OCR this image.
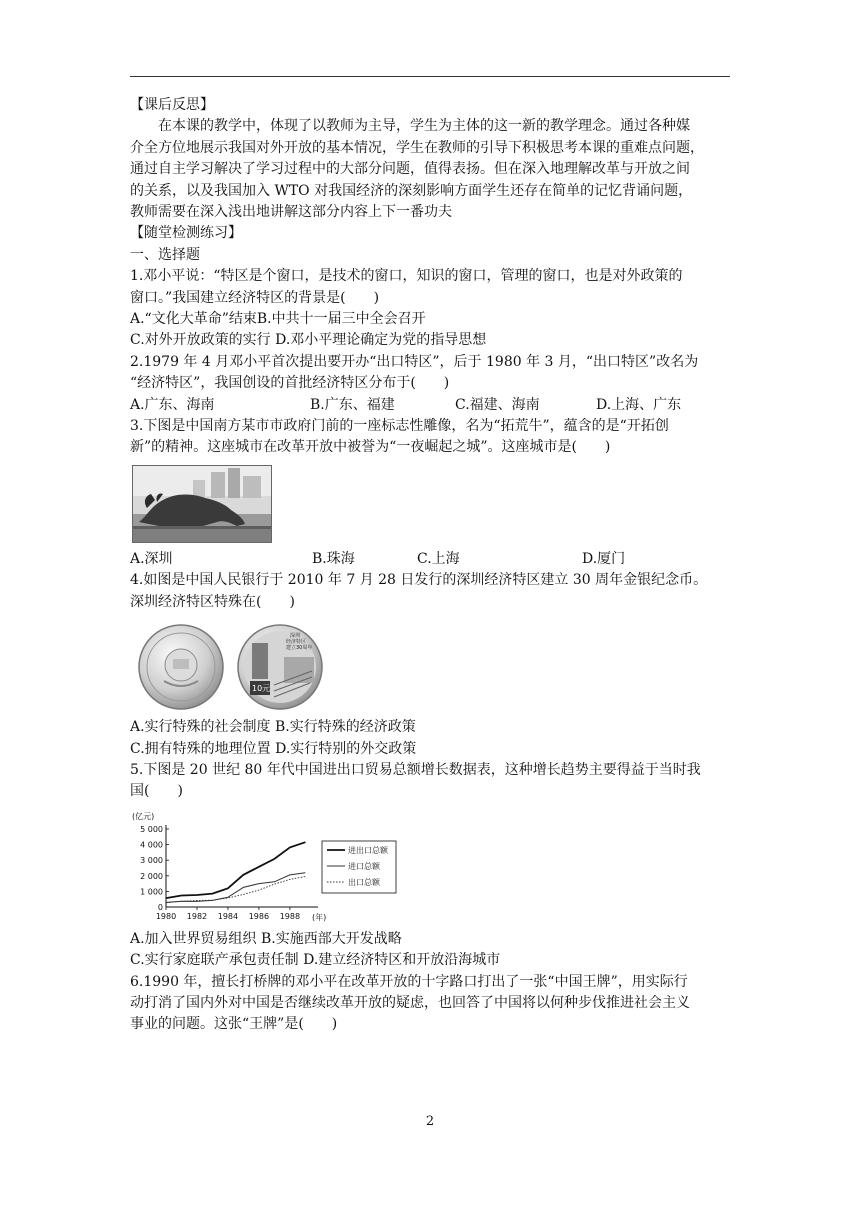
【课后反思】
在本课的教学中，体现了以教师为主导，学生为主体的这一新的教学理念。通过各种媒
介全方位地展示我国对外开放的基本情况，学生在教师的引导下积极思考本课的重难点问题，
通过自主学习解决了学习过程中的大部分问题，值得表扬。但在深入地理解改革与开放之间
的关系，以及我国加入 WTO 对我国经济的深刻影响方面学生还存在简单的记忆背诵问题，
教师需要在深入浅出地讲解这部分内容上下一番功夫
【随堂检测练习】
一、选择题
1.邓小平说：“特区是个窗口，是技术的窗口，知识的窗口，管理的窗口，也是对外政策的
窗口。”我国建立经济特区的背景是(　　)
A.“文化大革命”结束B.中共十一届三中全会召开
C.对外开放政策的实行 D.邓小平理论确定为党的指导思想
2.1979 年 4 月邓小平首次提出要开办“出口特区”，后于 1980 年 3 月，“出口特区”改名为
“经济特区”，我国创设的首批经济特区分布于(　　)
A.广东、海南	B.广东、福建	C.福建、海南	D.上海、广东
3.下图是中国南方某市市政府门前的一座标志性雕像，名为“拓荒牛”，蕴含的是“开拓创
新”的精神。这座城市在改革开放中被誉为“一夜崛起之城”。这座城市是(　　)
A.深圳	B.珠海	C.上海	D.厦门
4.如图是中国人民银行于 2010 年 7 月 28 日发行的深圳经济特区建立 30 周年金银纪念币。
深圳经济特区特殊在(　　)
深圳
经济特区
建立30周年
10元
A.实行特殊的社会制度 B.实行特殊的经济政策
C.拥有特殊的地理位置 D.实行特别的外交政策
5.下图是 20 世纪 80 年代中国进出口贸易总额增长数据表，这种增长趋势主要得益于当时我
国(　　)
(亿元)
(年)
5 000
4 000
3 000
2 000
1 000
0
1980 1982 1984 1986 1988
进出口总额
进口总额
出口总额
A.加入世界贸易组织 B.实施西部大开发战略
C.实行家庭联产承包责任制 D.建立经济特区和开放沿海城市
6.1990 年，擅长打桥牌的邓小平在改革开放的十字路口打出了一张“中国王牌”，用实际行
动打消了国内外对中国是否继续改革开放的疑虑，也回答了中国将以何种步伐推进社会主义
事业的问题。这张“王牌”是(　　)
2
